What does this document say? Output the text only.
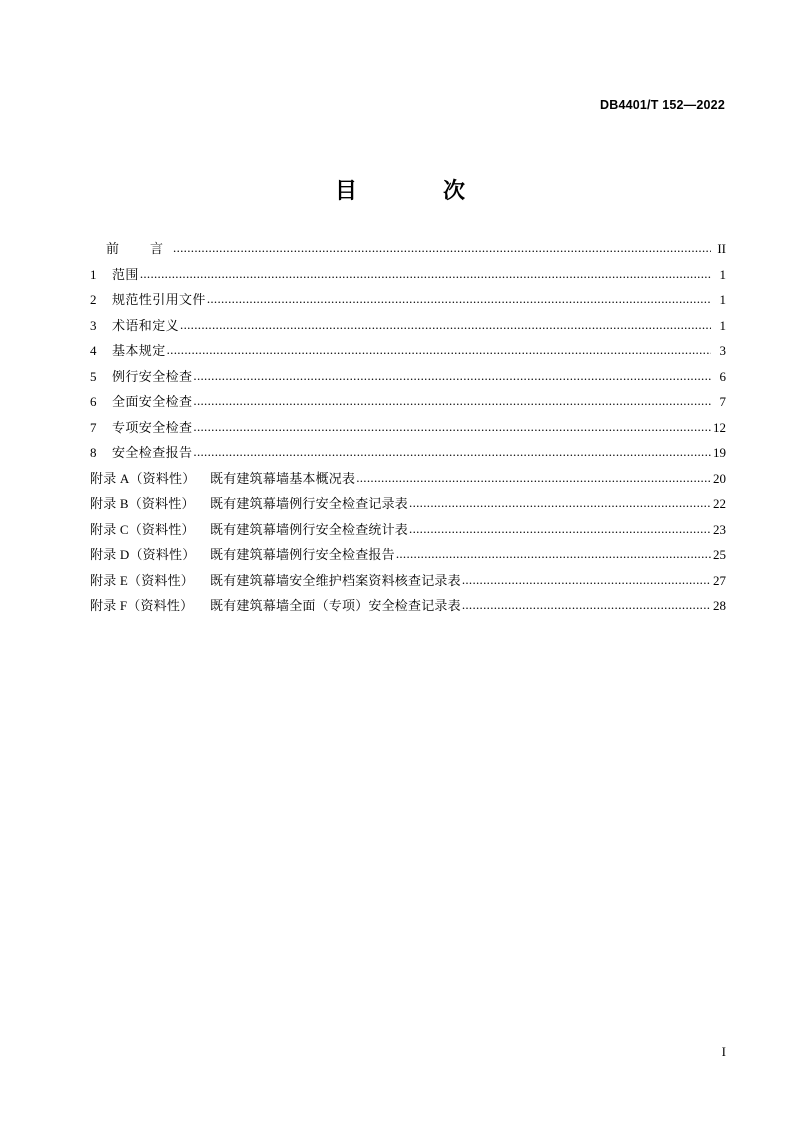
DB4401/T 152—2022
目　　次
前　言 .....	II
1	范围 .....	1
2	规范性引用文件 .....	1
3	术语和定义 .....	1
4	基本规定 .....	3
5	例行安全检查 .....	6
6	全面安全检查 .....	7
7	专项安全检查 .....	12
8	安全检查报告 .....	19
附录 A（资料性）	既有建筑幕墙基本概况表 .....	20
附录 B（资料性）	既有建筑幕墙例行安全检查记录表 .....	22
附录 C（资料性）	既有建筑幕墙例行安全检查统计表 .....	23
附录 D（资料性）	既有建筑幕墙例行安全检查报告 .....	25
附录 E（资料性）	既有建筑幕墙安全维护档案资料核查记录表 .....	27
附录 F（资料性）	既有建筑幕墙全面（专项）安全检查记录表 .....	28
I
